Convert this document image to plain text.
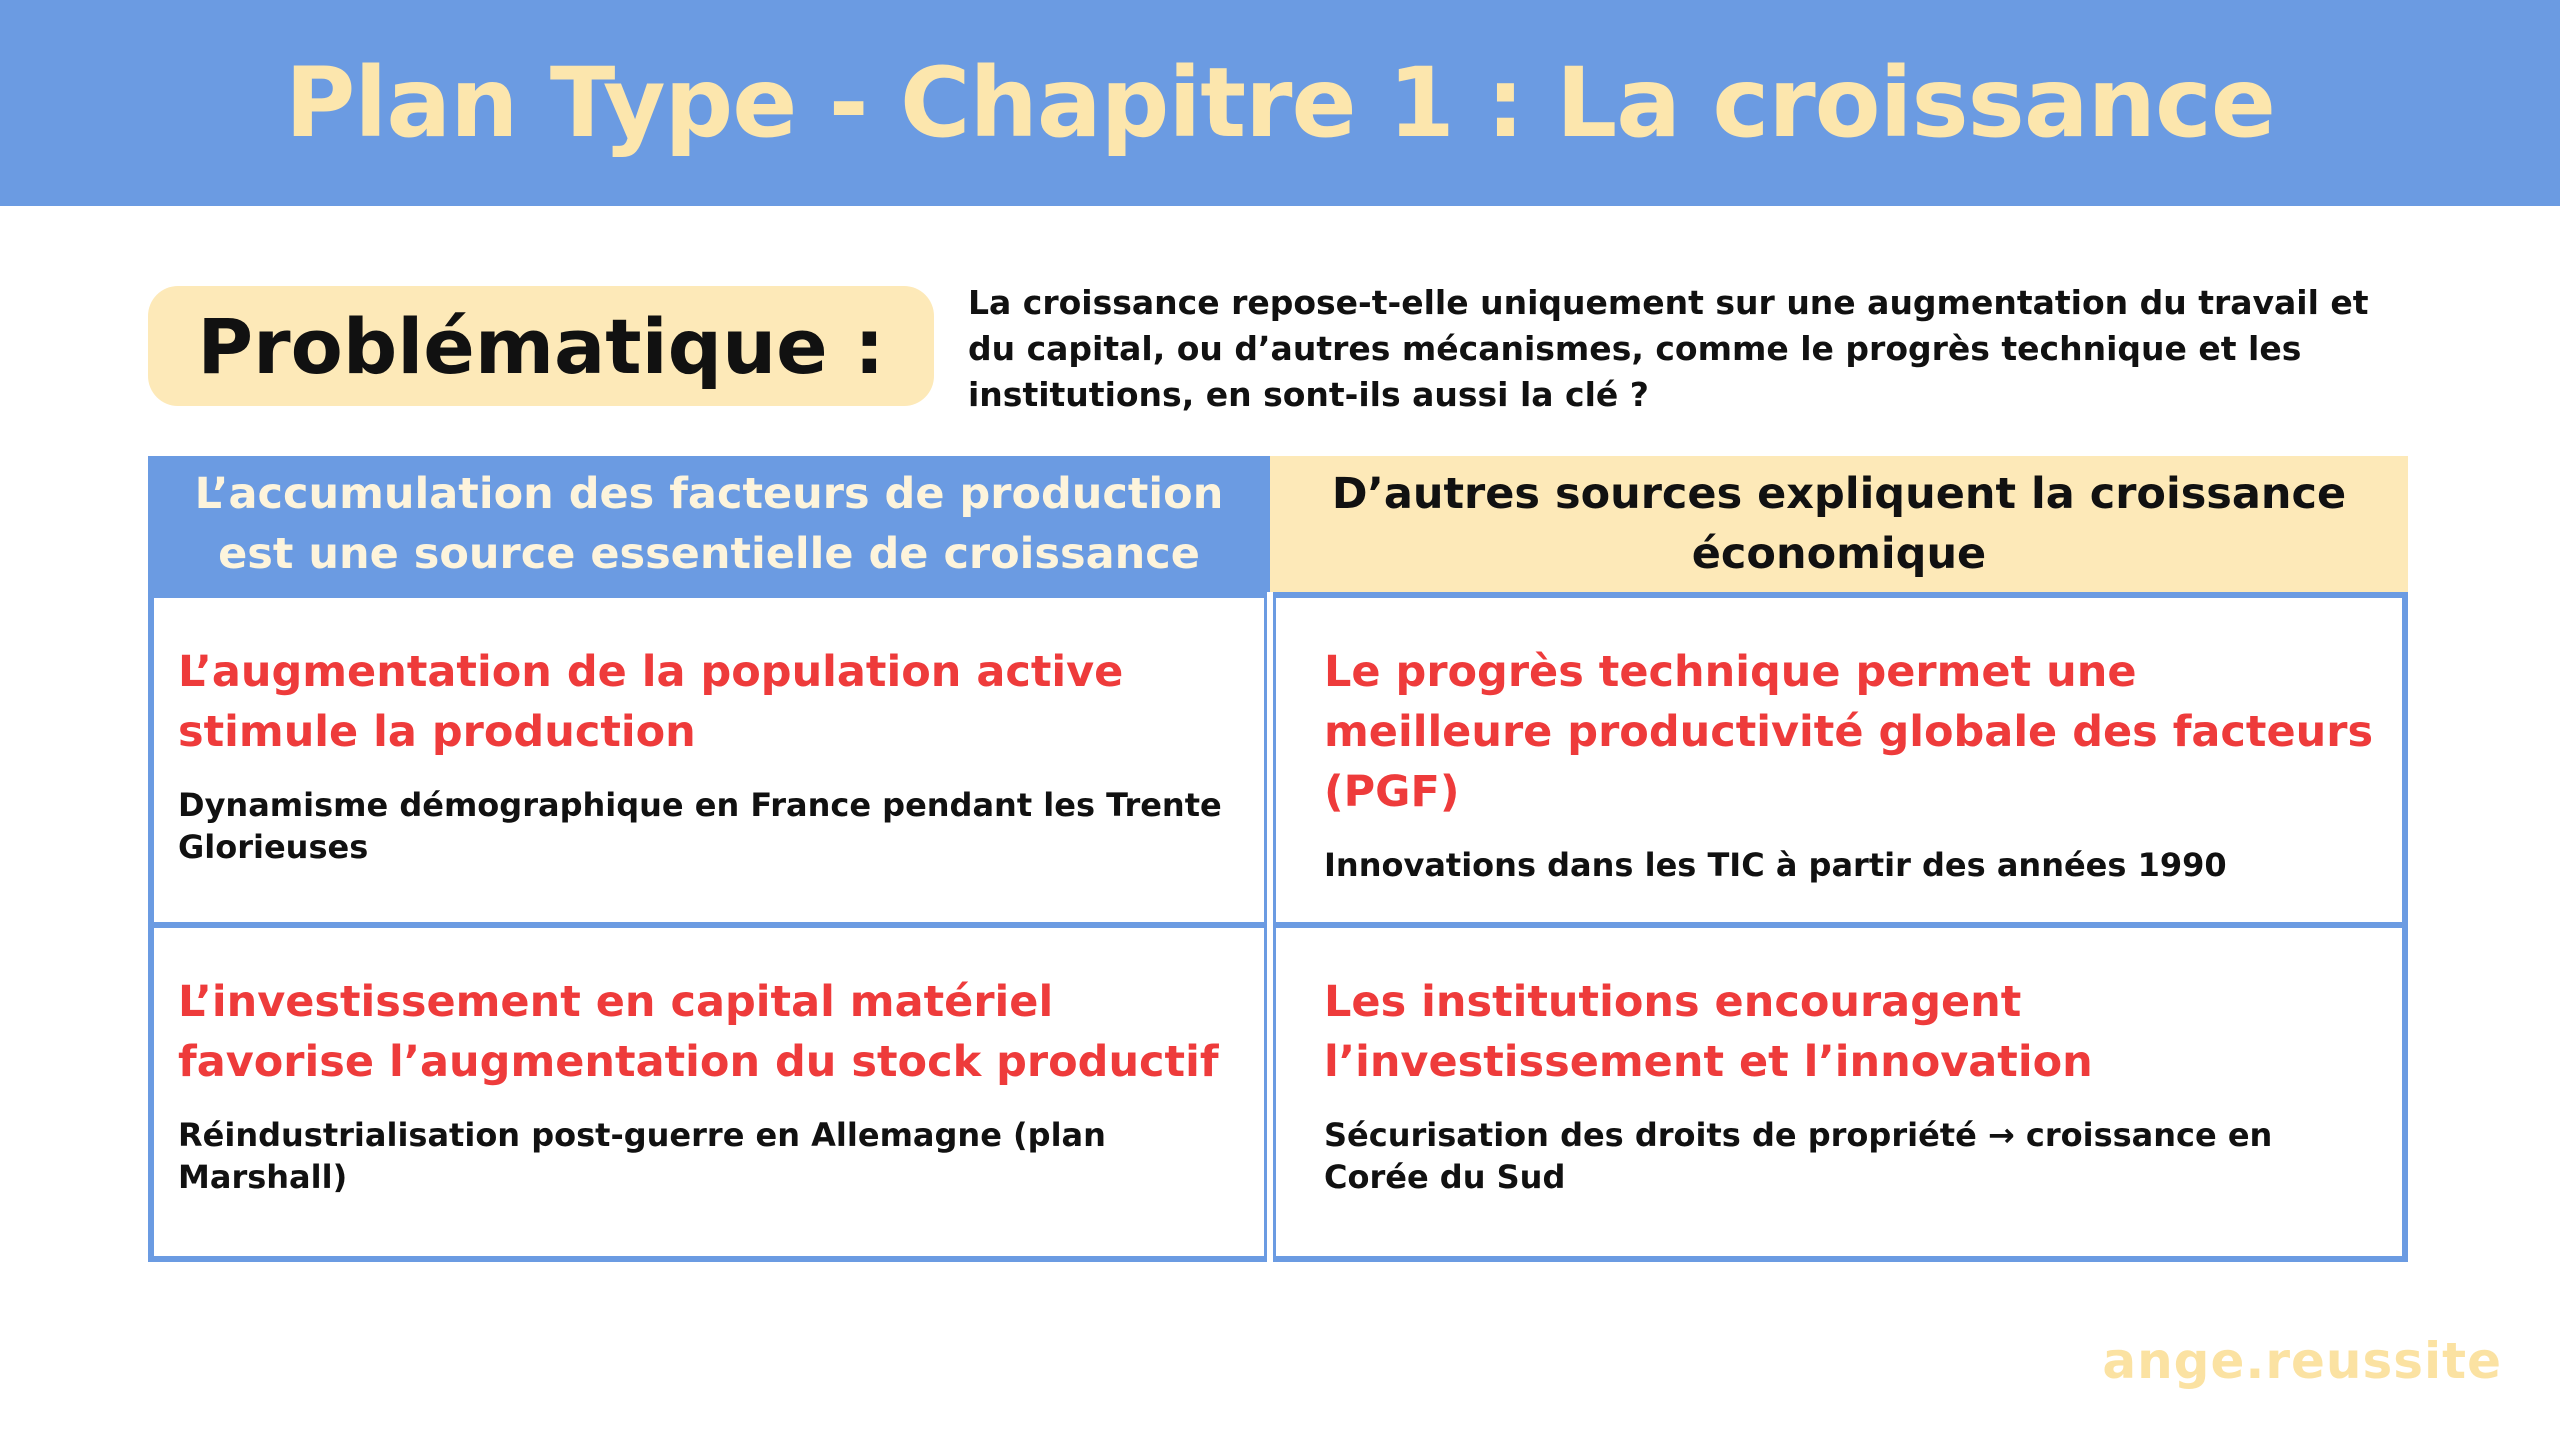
Plan Type - Chapitre 1 : La croissance
Problématique :	La croissance repose-t-elle uniquement sur une augmentation du travail et du capital, ou d’autres mécanismes, comme le progrès technique et les institutions, en sont-ils aussi la clé ?
L’accumulation des facteurs de production est une source essentielle de croissance
D’autres sources expliquent la croissance économique
L’augmentation de la population active stimule la production
Dynamisme démographique en France pendant les Trente Glorieuses
Le progrès technique permet une meilleure productivité globale des facteurs (PGF)
Innovations dans les TIC à partir des années 1990
L’investissement en capital matériel favorise l’augmentation du stock productif
Réindustrialisation post-guerre en Allemagne (plan Marshall)
Les institutions encouragent l’investissement et l’innovation
Sécurisation des droits de propriété → croissance en Corée du Sud
ange.reussite
